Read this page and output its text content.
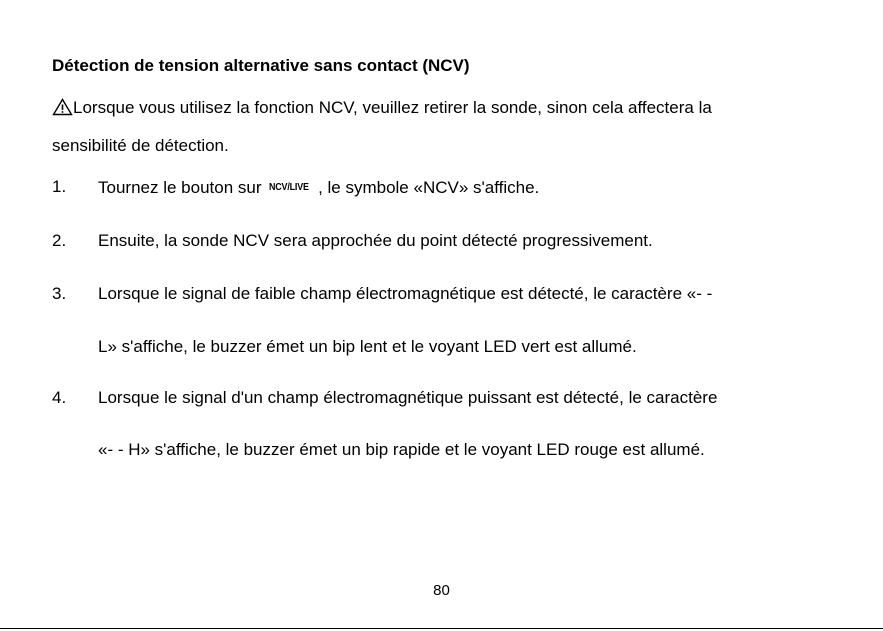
Détection de tension alternative sans contact (NCV)
Lorsque vous utilisez la fonction NCV, veuillez retirer la sonde, sinon cela affectera la
sensibilité de détection.
1. Tournez le bouton sur NCV/LIVE , le symbole «NCV» s'affiche.
2. Ensuite, la sonde NCV sera approchée du point détecté progressivement.
3. Lorsque le signal de faible champ électromagnétique est détecté, le caractère «- -
L» s'affiche, le buzzer émet un bip lent et le voyant LED vert est allumé.
4. Lorsque le signal d'un champ électromagnétique puissant est détecté, le caractère
«- - H» s'affiche, le buzzer émet un bip rapide et le voyant LED rouge est allumé.
80
